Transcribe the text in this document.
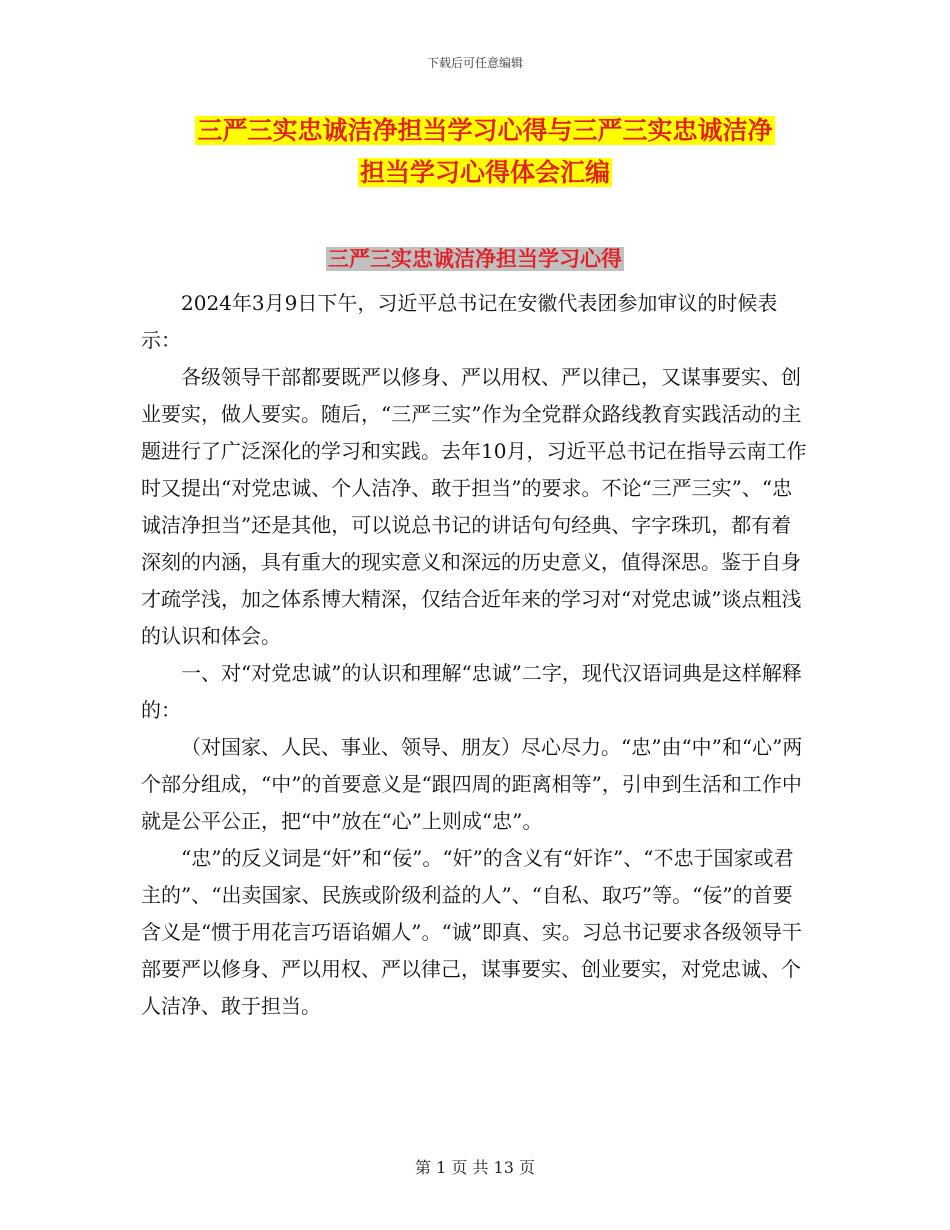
下载后可任意编辑
三严三实忠诚洁净担当学习心得与三严三实忠诚洁净
担当学习心得体会汇编
三严三实忠诚洁净担当学习心得

2024年3月9日下午，习近平总书记在安徽代表团参加审议的时候表示：

各级领导干部都要既严以修身、严以用权、严以律己，又谋事要实、创业要实，做人要实。随后，“三严三实”作为全党群众路线教育实践活动的主题进行了广泛深化的学习和实践。去年10月，习近平总书记在指导云南工作时又提出“对党忠诚、个人洁净、敢于担当”的要求。不论“三严三实”、“忠诚洁净担当”还是其他，可以说总书记的讲话句句经典、字字珠玑，都有着深刻的内涵，具有重大的现实意义和深远的历史意义，值得深思。鉴于自身才疏学浅，加之体系博大精深，仅结合近年来的学习对“对党忠诚”谈点粗浅的认识和体会。

一、对“对党忠诚”的认识和理解“忠诚”二字，现代汉语词典是这样解释的：

（对国家、人民、事业、领导、朋友）尽心尽力。“忠”由“中”和“心”两个部分组成，“中”的首要意义是“跟四周的距离相等”，引申到生活和工作中就是公平公正，把“中”放在“心”上则成“忠”。

“忠”的反义词是“奸”和“佞”。“奸”的含义有“奸诈”、“不忠于国家或君主的”、“出卖国家、民族或阶级利益的人”、“自私、取巧”等。“佞”的首要含义是“惯于用花言巧语谄媚人”。“诚”即真、实。习总书记要求各级领导干部要严以修身、严以用权、严以律己，谋事要实、创业要实，对党忠诚、个人洁净、敢于担当。

第 1 页 共 13 页
